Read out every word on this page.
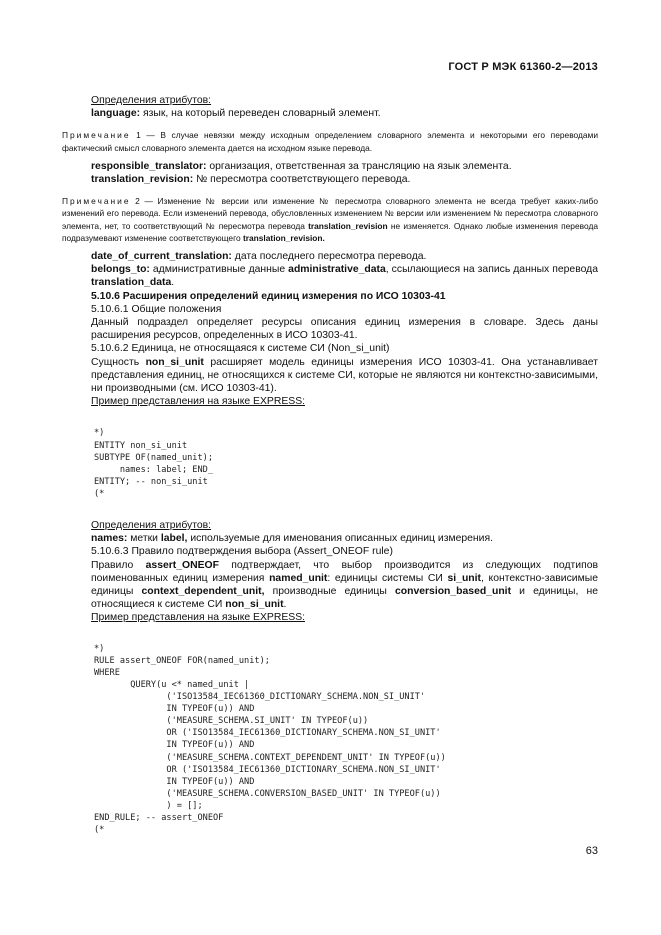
ГОСТ Р МЭК 61360-2—2013

Определения атрибутов:

language: язык, на который переведен словарный элемент.

Примечание 1 — В случае невязки между исходным определением словарного элемента и некоторыми его переводами фактический смысл словарного элемента дается на исходном языке перевода.

responsible_translator: организация, ответственная за трансляцию на язык элемента.

translation_revision: № пересмотра соответствующего перевода.

Примечание 2 — Изменение № версии или изменение № пересмотра словарного элемента не всегда требует каких-либо изменений его перевода. Если изменений перевода, обусловленных изменением № версии или изменением № пересмотра словарного элемента, нет, то соответствующий № пересмотра перевода translation_revision не изменяется. Однако любые изменения перевода подразумевают изменение соответствующего translation_revision.

date_of_current_translation: дата последнего пересмотра перевода.

belongs_to: административные данные administrative_data, ссылающиеся на запись данных перевода translation_data.

5.10.6 Расширения определений единиц измерения по ИСО 10303-41

5.10.6.1 Общие положения

Данный подраздел определяет ресурсы описания единиц измерения в словаре. Здесь даны расширения ресурсов, определенных в ИСО 10303-41.

5.10.6.2 Единица, не относящаяся к системе СИ (Non_si_unit)

Сущность non_si_unit расширяет модель единицы измерения ИСО 10303-41. Она устанавливает представления единиц, не относящихся к системе СИ, которые не являются ни контекстно-зависимыми, ни производными (см. ИСО 10303-41).

Пример представления на языке EXPRESS:

*)
ENTITY non_si_unit
SUBTYPE OF(named_unit);
names: label; END_
ENTITY; -- non_si_unit
(*

Определения атрибутов:

names: метки label, используемые для именования описанных единиц измерения.

5.10.6.3 Правило подтверждения выбора (Assert_ONEOF rule)

Правило assert_ONEOF подтверждает, что выбор производится из следующих подтипов поименованных единиц измерения named_unit: единицы системы СИ si_unit, контекстно-зависимые единицы context_dependent_unit, производные единицы conversion_based_unit и единицы, не относящиеся к системе СИ non_si_unit.

Пример представления на языке EXPRESS:

*)
RULE assert_ONEOF FOR(named_unit);
WHERE
QUERY(u <* named_unit |
('ISO13584_IEC61360_DICTIONARY_SCHEMA.NON_SI_UNIT'
IN TYPEOF(u)) AND
('MEASURE_SCHEMA.SI_UNIT' IN TYPEOF(u))
OR ('ISO13584_IEC61360_DICTIONARY_SCHEMA.NON_SI_UNIT'
IN TYPEOF(u)) AND
('MEASURE_SCHEMA.CONTEXT_DEPENDENT_UNIT' IN TYPEOF(u))
OR ('ISO13584_IEC61360_DICTIONARY_SCHEMA.NON_SI_UNIT'
IN TYPEOF(u)) AND
('MEASURE_SCHEMA.CONVERSION_BASED_UNIT' IN TYPEOF(u))
) = [];
END_RULE; -- assert_ONEOF
(*
63
